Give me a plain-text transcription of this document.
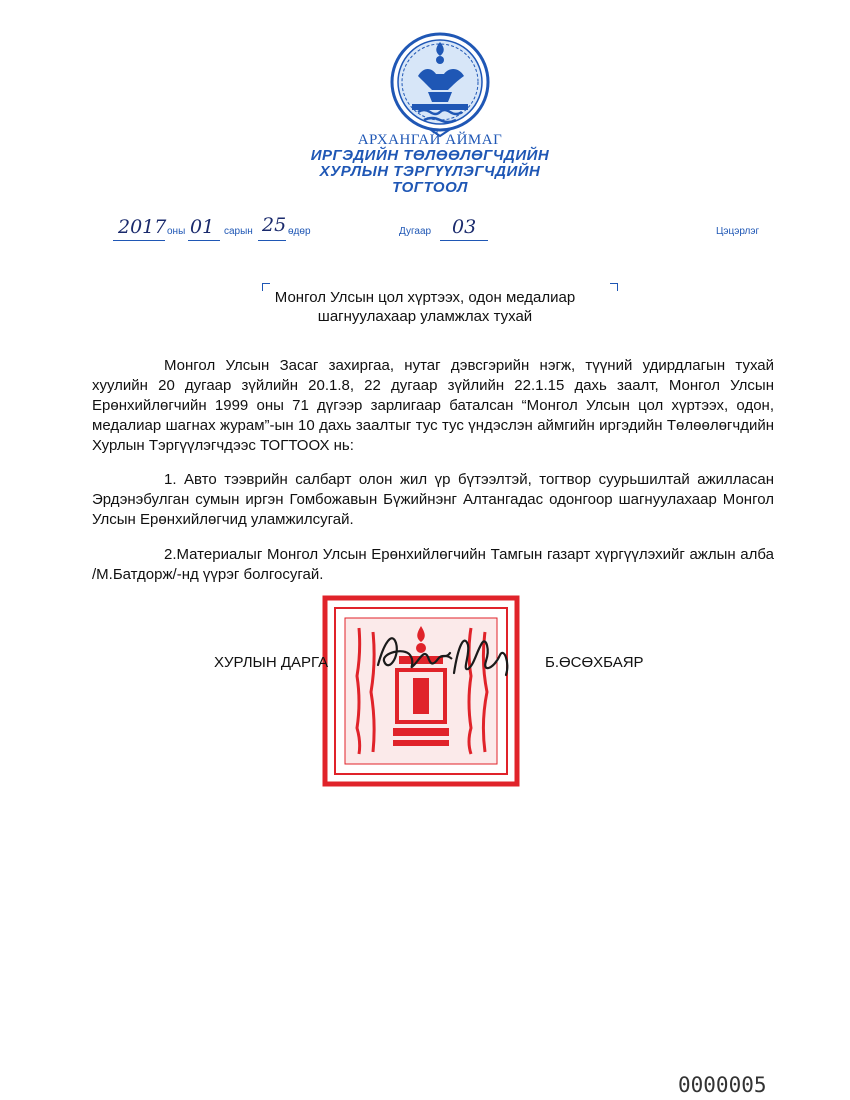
АРХАНГАЙ АЙМАГ
ИРГЭДИЙН ТӨЛӨӨЛӨГЧДИЙН
ХУРЛЫН ТЭРГҮҮЛЭГЧДИЙН
ТОГТООЛ
2017 оны 01 сарын 25 өдөр	Дугаар 03	Цэцэрлэг
Монгол Улсын цол хүртээх, одон медалиар
шагнуулахаар уламжлах тухай

Монгол Улсын Засаг захиргаа, нутаг дэвсгэрийн нэгж, түүний удирдлагын тухай хуулийн 20 дугаар зүйлийн 20.1.8, 22 дугаар зүйлийн 22.1.15 дахь заалт, Монгол Улсын Ерөнхийлөгчийн 1999 оны 71 дүгээр зарлигаар баталсан “Монгол Улсын цол хүртээх, одон, медалиар шагнах журам”-ын 10 дахь заалтыг тус тус үндэслэн аймгийн иргэдийн Төлөөлөгчдийн Хурлын Тэргүүлэгчдээс ТОГТООХ нь:

1. Авто тээврийн салбарт олон жил үр бүтээлтэй, тогтвор суурьшилтай ажилласан Эрдэнэбулган сумын иргэн Гомбожавын Бүжийнэнг Алтангадас одонгоор шагнуулахаар Монгол Улсын Ерөнхийлөгчид уламжилсугай.

2.Материалыг Монгол Улсын Ерөнхийлөгчийн Тамгын газарт хүргүүлэхийг ажлын алба /М.Батдорж/-нд үүрэг болгосугай.

ХУРЛЫН ДАРГА	Б.ӨСӨХБАЯР
0000005
